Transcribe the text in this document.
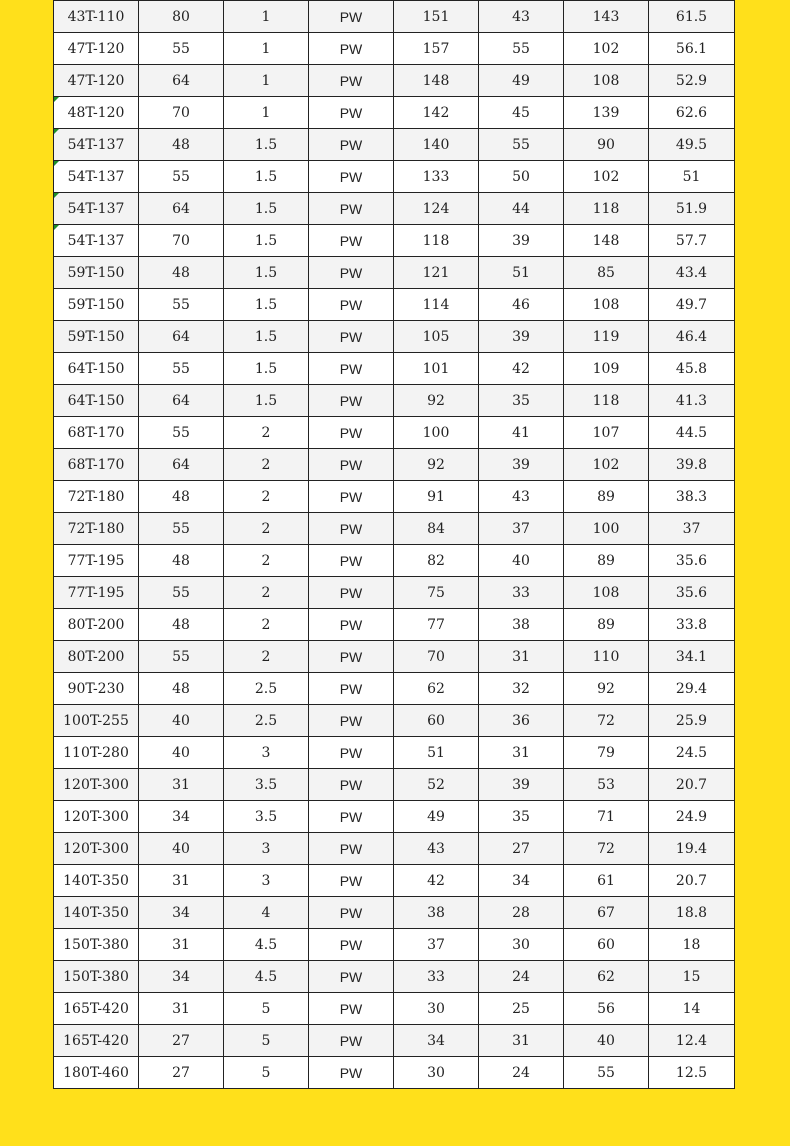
43T-110	80	1	PW	151	43	143	61.5
47T-120	55	1	PW	157	55	102	56.1
47T-120	64	1	PW	148	49	108	52.9
48T-120	70	1	PW	142	45	139	62.6
54T-137	48	1.5	PW	140	55	90	49.5
54T-137	55	1.5	PW	133	50	102	51
54T-137	64	1.5	PW	124	44	118	51.9
54T-137	70	1.5	PW	118	39	148	57.7
59T-150	48	1.5	PW	121	51	85	43.4
59T-150	55	1.5	PW	114	46	108	49.7
59T-150	64	1.5	PW	105	39	119	46.4
64T-150	55	1.5	PW	101	42	109	45.8
64T-150	64	1.5	PW	92	35	118	41.3
68T-170	55	2	PW	100	41	107	44.5
68T-170	64	2	PW	92	39	102	39.8
72T-180	48	2	PW	91	43	89	38.3
72T-180	55	2	PW	84	37	100	37
77T-195	48	2	PW	82	40	89	35.6
77T-195	55	2	PW	75	33	108	35.6
80T-200	48	2	PW	77	38	89	33.8
80T-200	55	2	PW	70	31	110	34.1
90T-230	48	2.5	PW	62	32	92	29.4
100T-255	40	2.5	PW	60	36	72	25.9
110T-280	40	3	PW	51	31	79	24.5
120T-300	31	3.5	PW	52	39	53	20.7
120T-300	34	3.5	PW	49	35	71	24.9
120T-300	40	3	PW	43	27	72	19.4
140T-350	31	3	PW	42	34	61	20.7
140T-350	34	4	PW	38	28	67	18.8
150T-380	31	4.5	PW	37	30	60	18
150T-380	34	4.5	PW	33	24	62	15
165T-420	31	5	PW	30	25	56	14
165T-420	27	5	PW	34	31	40	12.4
180T-460	27	5	PW	30	24	55	12.5
